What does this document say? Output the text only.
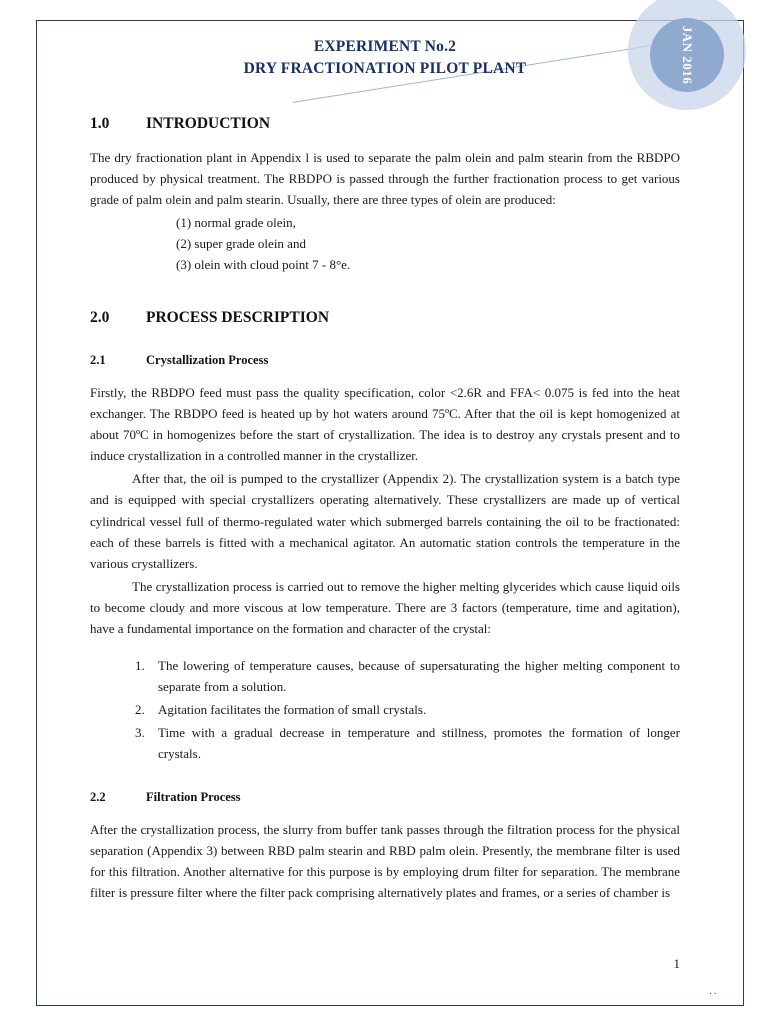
JAN 2016
EXPERIMENT No.2
DRY FRACTIONATION PILOT PLANT
1.0 INTRODUCTION

The dry fractionation plant in Appendix l is used to separate the palm olein and palm stearin from the RBDPO produced by physical treatment. The RBDPO is passed through the further fractionation process to get various grade of palm olein and palm stearin. Usually, there are three types of olein are produced:

(1) normal grade olein,
(2) super grade olein and
(3) olein with cloud point 7 - 8°e.
2.0 PROCESS DESCRIPTION
2.1	Crystallization Process

Firstly, the RBDPO feed must pass the quality specification, color <2.6R and FFA< 0.075 is fed into the heat exchanger. The RBDPO feed is heated up by hot waters around 75ºC. After that the oil is kept homogenized at about 70ºC in homogenizes before the start of crystallization. The idea is to destroy any crystals present and to induce crystallization in a controlled manner in the crystallizer.

After that, the oil is pumped to the crystallizer (Appendix 2). The crystallization system is a batch type and is equipped with special crystallizers operating alternatively. These crystallizers are made up of vertical cylindrical vessel full of thermo-regulated water which submerged barrels containing the oil to be fractionated: each of these barrels is fitted with a mechanical agitator. An automatic station controls the temperature in the various crystallizers.

The crystallization process is carried out to remove the higher melting glycerides which cause liquid oils to become cloudy and more viscous at low temperature. There are 3 factors (temperature, time and agitation), have a fundamental importance on the formation and character of the crystal:

1. The lowering of temperature causes, because of supersaturating the higher melting component to separate from a solution.
2. Agitation facilitates the formation of small crystals.
3. Time with a gradual decrease in temperature and stillness, promotes the formation of longer crystals.
2.2	Filtration Process

After the crystallization process, the slurry from buffer tank passes through the filtration process for the physical separation (Appendix 3) between RBD palm stearin and RBD palm olein. Presently, the membrane filter is used for this filtration. Another alternative for this purpose is by employing drum filter for separation. The membrane filter is pressure filter where the filter pack comprising alternatively plates and frames, or a series of chamber is

1
··
